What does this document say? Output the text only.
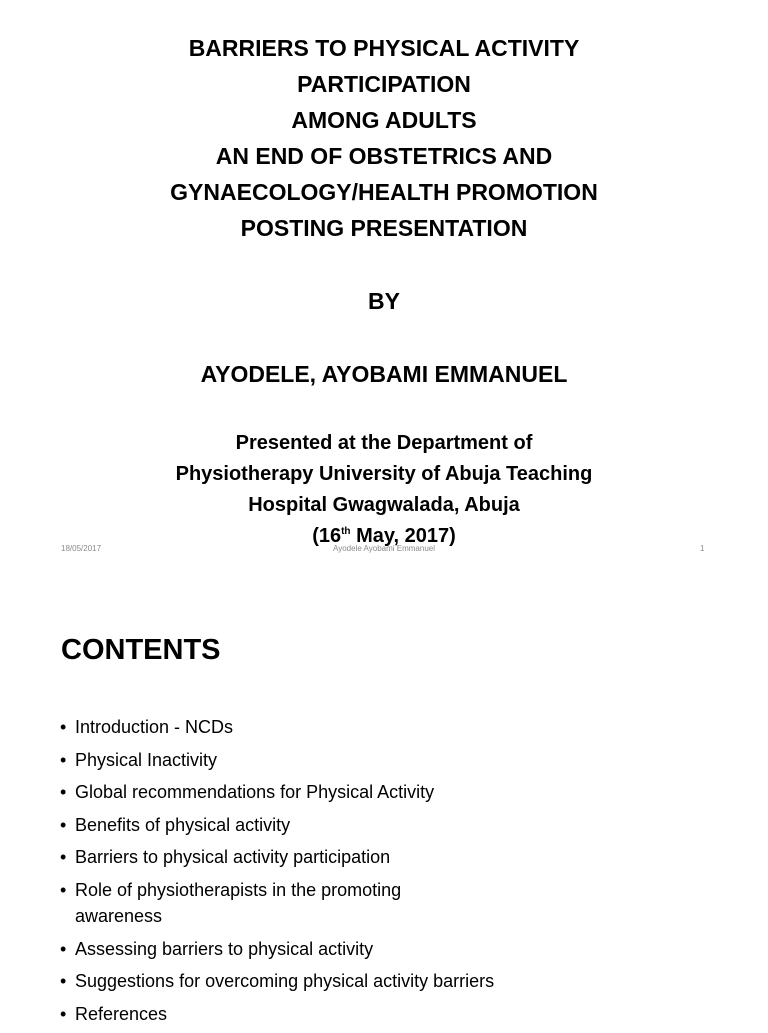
BARRIERS TO PHYSICAL ACTIVITY
PARTICIPATION
AMONG ADULTS
AN END OF OBSTETRICS AND
GYNAECOLOGY/HEALTH PROMOTION
POSTING PRESENTATION
BY
AYODELE, AYOBAMI EMMANUEL
Presented at the Department of
Physiotherapy University of Abuja Teaching
Hospital Gwagwalada, Abuja
(16th May, 2017)
18/05/2017	Ayodele Ayobami Emmanuel	1
CONTENTS
• Introduction - NCDs
• Physical Inactivity
• Global recommendations for Physical Activity
• Benefits of physical activity
• Barriers to physical activity participation
• Role of physiotherapists in the promoting awareness
• Assessing barriers to physical activity
• Suggestions for overcoming physical activity barriers
• References
